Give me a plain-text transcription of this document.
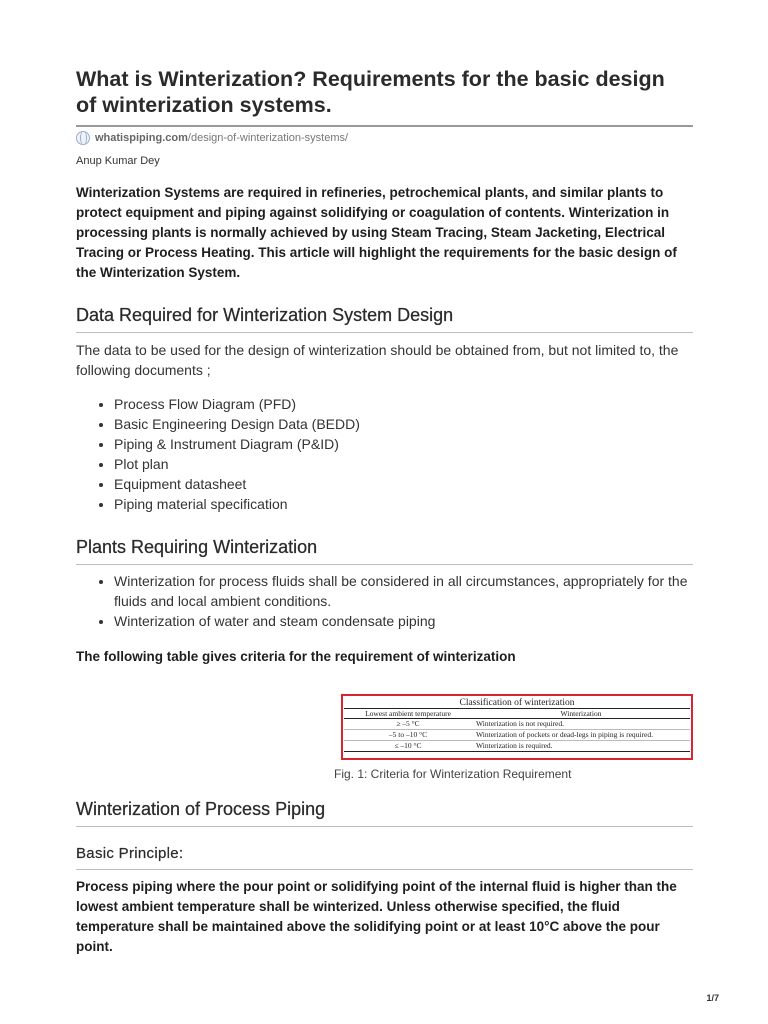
What is Winterization? Requirements for the basic design of winterization systems.
whatispiping.com /design-of-winterization-systems/
Anup Kumar Dey

Winterization Systems are required in refineries, petrochemical plants, and similar plants to protect equipment and piping against solidifying or coagulation of contents. Winterization in processing plants is normally achieved by using Steam Tracing, Steam Jacketing, Electrical Tracing or Process Heating. This article will highlight the requirements for the basic design of the Winterization System.

Data Required for Winterization System Design

The data to be used for the design of winterization should be obtained from, but not limited to, the following documents ;

• Process Flow Diagram (PFD)
• Basic Engineering Design Data (BEDD)
• Piping & Instrument Diagram (P&ID)
• Plot plan
• Equipment datasheet
• Piping material specification
Plants Requiring Winterization
• Winterization for process fluids shall be considered in all circumstances, appropriately for the fluids and local ambient conditions.
• Winterization of water and steam condensate piping

The following table gives criteria for the requirement of winterization

Classification of winterization
Lowest ambient temperature	Winterization
≥ –5 °C	Winterization is not required.
–5 to –10 °C	Winterization of pockets or dead-legs in piping is required.
≤ –10 °C	Winterization is required.
Fig. 1: Criteria for Winterization Requirement
Winterization of Process Piping
Basic Principle:

Process piping where the pour point or solidifying point of the internal fluid is higher than the lowest ambient temperature shall be winterized. Unless otherwise specified, the fluid temperature shall be maintained above the solidifying point or at least 10°C above the pour point.

1/7
